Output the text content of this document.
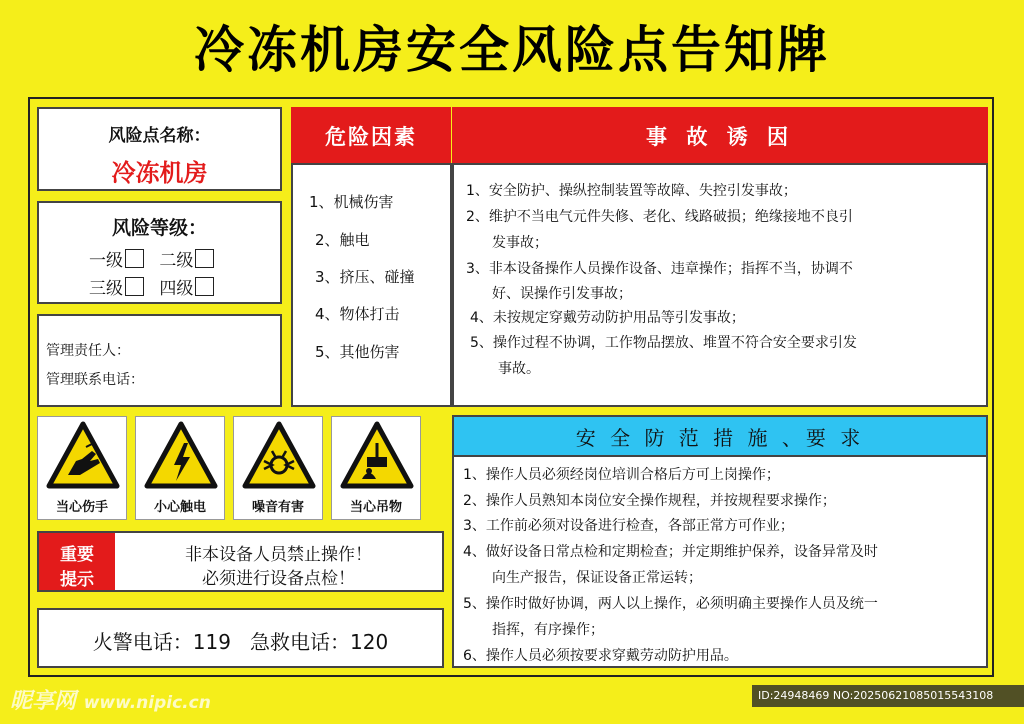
冷冻机房安全风险点告知牌
风险点名称：
冷冻机房
风险等级：
一级 二级
三级 四级
管理责任人：
管理联系电话：
危险因素
1、机械伤害
2、触电
3、挤压、碰撞
4、物体打击
5、其他伤害
事 故 诱 因
1、安全防护、操纵控制装置等故障、失控引发事故；
2、维护不当电气元件失修、老化、线路破损；绝缘接地不良引
发事故；
3、非本设备操作人员操作设备、违章操作；指挥不当，协调不
好、误操作引发事故；
4、未按规定穿戴劳动防护用品等引发事故；
5、操作过程不协调，工作物品摆放、堆置不符合安全要求引发
事故。
当心伤手	小心触电	噪音有害	当心吊物
重要
提示
非本设备人员禁止操作！
必须进行设备点检！
火警电话：119   急救电话：120
安 全 防 范 措 施 、要 求
1、操作人员必须经岗位培训合格后方可上岗操作；
2、操作人员熟知本岗位安全操作规程，并按规程要求操作；
3、工作前必须对设备进行检查，各部正常方可作业；
4、做好设备日常点检和定期检查；并定期维护保养，设备异常及时
向生产报告，保证设备正常运转；
5、操作时做好协调，两人以上操作，必须明确主要操作人员及统一
指挥，有序操作；
6、操作人员必须按要求穿戴劳动防护用品。
昵享网 www.nipic.cn	ID:24948469 NO:20250621085015543108
